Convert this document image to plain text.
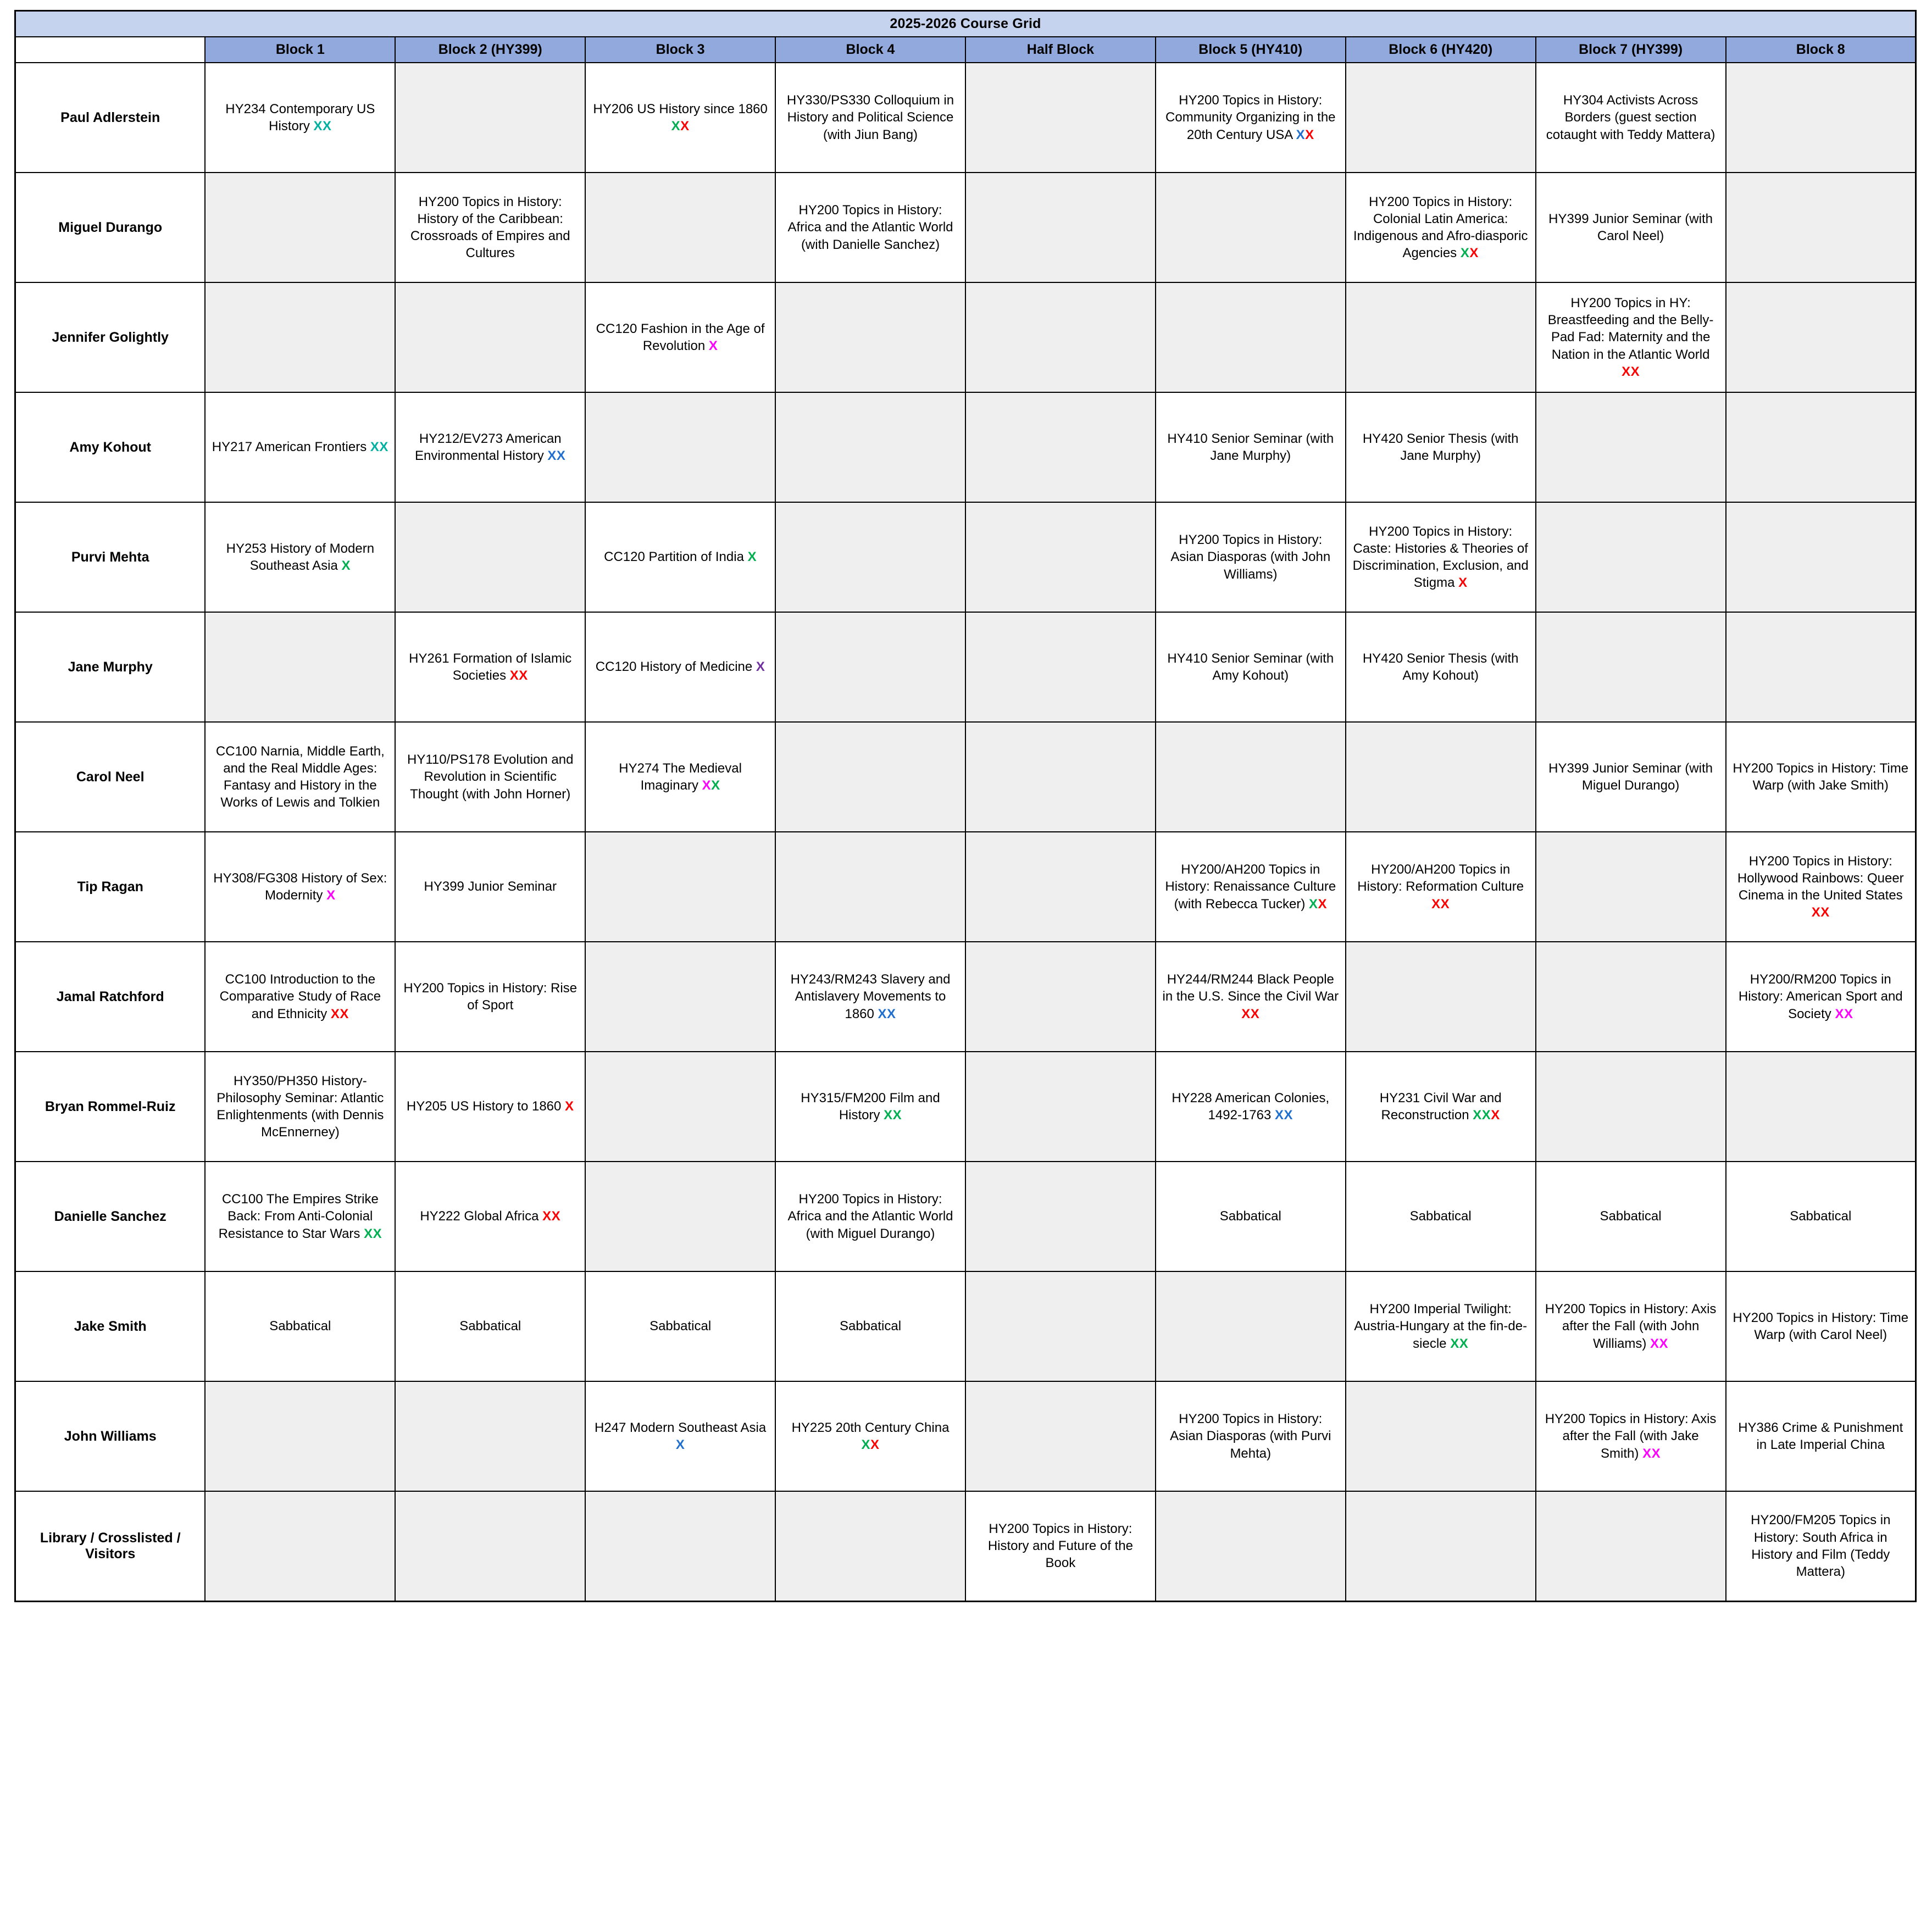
2025-2026 Course Grid									
	Block 1	Block 2 (HY399)	Block 3	Block 4	Half Block	Block 5 (HY410)	Block 6 (HY420)	Block 7 (HY399)	Block 8
Paul Adlerstein	HY234 Contemporary US History XX		HY206 US History since 1860 XX	HY330/PS330 Colloquium in History and Political Science (with Jiun Bang)		HY200 Topics in History: Community Organizing in the 20th Century USA XX		HY304 Activists Across Borders (guest section cotaught with Teddy Mattera)	
Miguel Durango		HY200 Topics in History: History of the Caribbean: Crossroads of Empires and Cultures		HY200 Topics in History: Africa and the Atlantic World (with Danielle Sanchez)			HY200 Topics in History: Colonial Latin America: Indigenous and Afro-diasporic Agencies XX	HY399 Junior Seminar (with Carol Neel)	
Jennifer Golightly			CC120 Fashion in the Age of Revolution X					HY200 Topics in HY: Breastfeeding and the Belly-Pad Fad: Maternity and the Nation in the Atlantic World XX	
Amy Kohout	HY217 American Frontiers XX	HY212/EV273 American Environmental History XX				HY410 Senior Seminar (with Jane Murphy)	HY420 Senior Thesis (with Jane Murphy)		
Purvi Mehta	HY253 History of Modern Southeast Asia X		CC120 Partition of India X			HY200 Topics in History: Asian Diasporas (with John Williams)	HY200 Topics in History: Caste: Histories & Theories of Discrimination, Exclusion, and Stigma X		
Jane Murphy		HY261 Formation of Islamic Societies XX	CC120 History of Medicine X			HY410 Senior Seminar (with Amy Kohout)	HY420 Senior Thesis (with Amy Kohout)		
Carol Neel	CC100 Narnia, Middle Earth, and the Real Middle Ages: Fantasy and History in the Works of Lewis and Tolkien	HY110/PS178 Evolution and Revolution in Scientific Thought (with John Horner)	HY274 The Medieval Imaginary XX					HY399 Junior Seminar (with Miguel Durango)	HY200 Topics in History: Time Warp (with Jake Smith)
Tip Ragan	HY308/FG308 History of Sex: Modernity X	HY399 Junior Seminar				HY200/AH200 Topics in History: Renaissance Culture (with Rebecca Tucker) XX	HY200/AH200 Topics in History: Reformation Culture XX		HY200 Topics in History: Hollywood Rainbows: Queer Cinema in the United States XX
Jamal Ratchford	CC100 Introduction to the Comparative Study of Race and Ethnicity XX	HY200 Topics in History: Rise of Sport		HY243/RM243 Slavery and Antislavery Movements to 1860 XX		HY244/RM244 Black People in the U.S. Since the Civil War XX			HY200/RM200 Topics in History: American Sport and Society XX
Bryan Rommel-Ruiz	HY350/PH350 History-Philosophy Seminar: Atlantic Enlightenments (with Dennis McEnnerney)	HY205 US History to 1860 X		HY315/FM200 Film and History XX		HY228 American Colonies, 1492-1763 XX	HY231 Civil War and Reconstruction XXX		
Danielle Sanchez	CC100 The Empires Strike Back: From Anti-Colonial Resistance to Star Wars XX	HY222 Global Africa XX		HY200 Topics in History: Africa and the Atlantic World (with Miguel Durango)		Sabbatical	Sabbatical	Sabbatical	Sabbatical
Jake Smith	Sabbatical	Sabbatical	Sabbatical	Sabbatical			HY200 Imperial Twilight: Austria-Hungary at the fin-de-siecle XX	HY200 Topics in History: Axis after the Fall (with John Williams) XX	HY200 Topics in History: Time Warp (with Carol Neel)
John Williams			H247 Modern Southeast Asia X	HY225 20th Century China XX		HY200 Topics in History: Asian Diasporas (with Purvi Mehta)		HY200 Topics in History: Axis after the Fall (with Jake Smith) XX	HY386 Crime & Punishment in Late Imperial China
Library / Crosslisted / Visitors					HY200 Topics in History: History and Future of the Book				HY200/FM205 Topics in History: South Africa in History and Film (Teddy Mattera)
